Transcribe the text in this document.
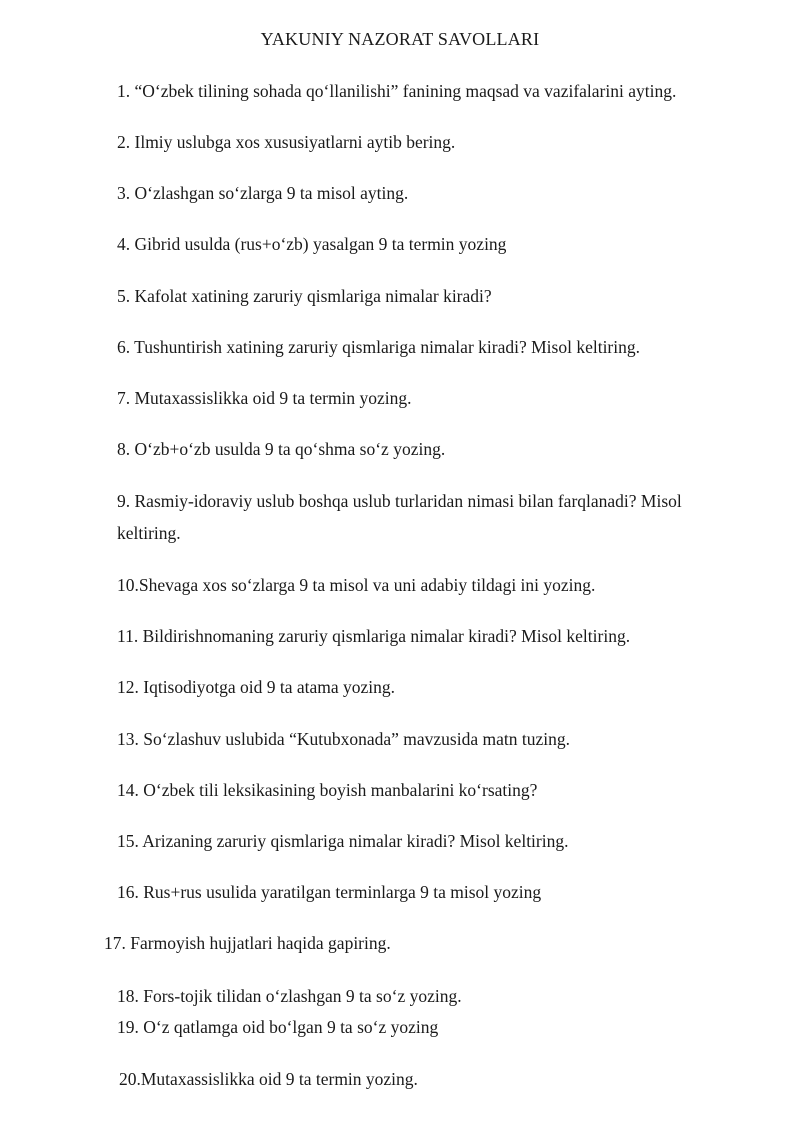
YAKUNIY NAZORAT SAVOLLARI
1. “O‘zbek tilining sohada qo‘llanilishi” fanining maqsad va vazifalarini ayting.
2. Ilmiy uslubga xos xususiyatlarni aytib bering.
3. O‘zlashgan so‘zlarga 9 ta misol ayting.
4. Gibrid usulda (rus+o‘zb) yasalgan 9 ta termin yozing
5. Kafolat xatining zaruriy qismlariga nimalar kiradi?
6. Tushuntirish xatining zaruriy qismlariga nimalar kiradi? Misol keltiring.
7. Mutaxassislikka oid 9 ta termin yozing.
8. O‘zb+o‘zb usulda 9 ta qo‘shma so‘z yozing.
9. Rasmiy-idoraviy uslub boshqa uslub turlaridan nimasi bilan farqlanadi? Misol keltiring.
10.Shevaga xos so‘zlarga 9 ta misol va uni adabiy tildagi ini yozing.
11. Bildirishnomaning zaruriy qismlariga nimalar kiradi? Misol keltiring.
12. Iqtisodiyotga oid 9 ta atama yozing.
13. So‘zlashuv uslubida “Kutubxonada” mavzusida matn tuzing.
14. O‘zbek tili leksikasining boyish manbalarini ko‘rsating?
15. Arizaning zaruriy qismlariga nimalar kiradi? Misol keltiring.
16. Rus+rus usulida yaratilgan terminlarga 9 ta misol yozing
17. Farmoyish hujjatlari haqida gapiring.
18. Fors-tojik tilidan o‘zlashgan 9 ta so‘z yozing.
19. O‘z qatlamga oid bo‘lgan 9 ta so‘z yozing
20.Mutaxassislikka oid 9 ta termin yozing.
